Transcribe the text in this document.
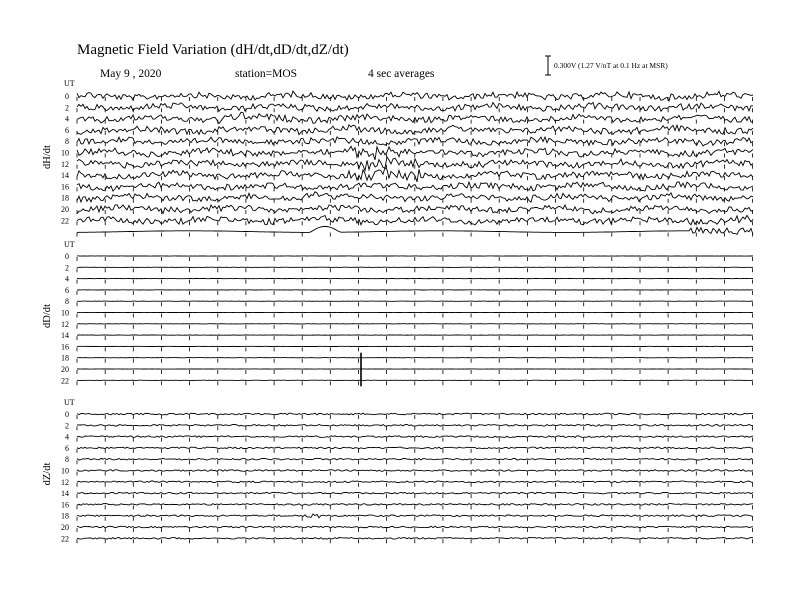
Magnetic Field Variation (dH/dt,dD/dt,dZ/dt)
May 9 , 2020	station=MOS	4 sec averages
0.300V (1.27 V/nT at 0.1 Hz at MSR)
UT
dH/dt
0
2
4
6
8
10
12
14
16
18
20
22
UT
dD/dt
0
2
4
6
8
10
12
14
16
18
20
22
UT
dZ/dt
0
2
4
6
8
10
12
14
16
18
20
22
